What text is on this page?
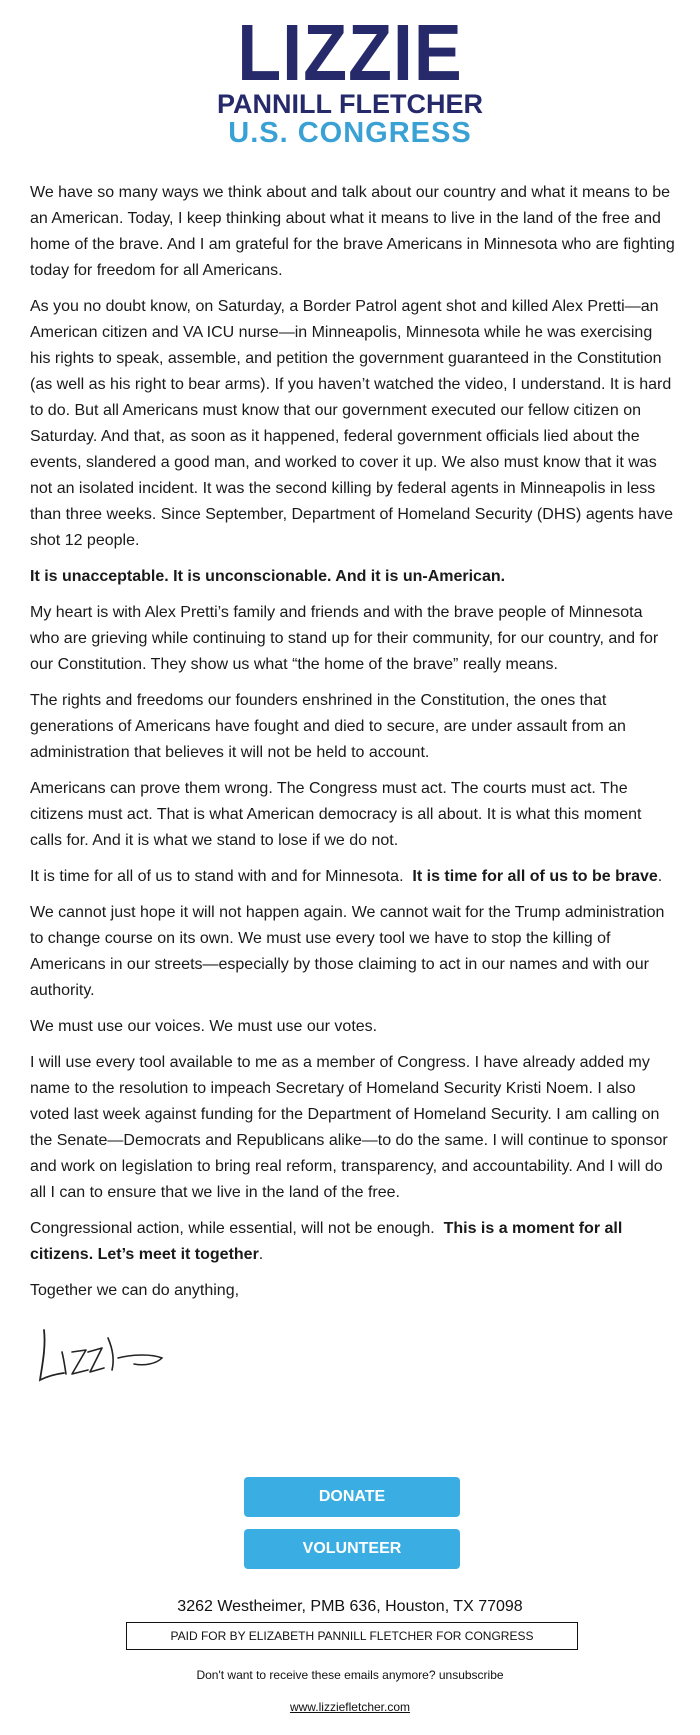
LIZZIE
PANNILL FLETCHER
U.S. CONGRESS

We have so many ways we think about and talk about our country and what it means to be an American. Today, I keep thinking about what it means to live in the land of the free and home of the brave. And I am grateful for the brave Americans in Minnesota who are fighting today for freedom for all Americans.

As you no doubt know, on Saturday, a Border Patrol agent shot and killed Alex Pretti—an American citizen and VA ICU nurse—in Minneapolis, Minnesota while he was exercising his rights to speak, assemble, and petition the government guaranteed in the Constitution (as well as his right to bear arms). If you haven’t watched the video, I understand. It is hard to do. But all Americans must know that our government executed our fellow citizen on Saturday. And that, as soon as it happened, federal government officials lied about the events, slandered a good man, and worked to cover it up. We also must know that it was not an isolated incident. It was the second killing by federal agents in Minneapolis in less than three weeks. Since September, Department of Homeland Security (DHS) agents have shot 12 people.

It is unacceptable. It is unconscionable. And it is un-American.

My heart is with Alex Pretti’s family and friends and with the brave people of Minnesota who are grieving while continuing to stand up for their community, for our country, and for our Constitution. They show us what “the home of the brave” really means.

The rights and freedoms our founders enshrined in the Constitution, the ones that generations of Americans have fought and died to secure, are under assault from an administration that believes it will not be held to account.

Americans can prove them wrong. The Congress must act. The courts must act. The citizens must act. That is what American democracy is all about. It is what this moment calls for. And it is what we stand to lose if we do not.

It is time for all of us to stand with and for Minnesota.  It is time for all of us to be brave.

We cannot just hope it will not happen again. We cannot wait for the Trump administration to change course on its own. We must use every tool we have to stop the killing of Americans in our streets—especially by those claiming to act in our names and with our authority.

We must use our voices. We must use our votes.

I will use every tool available to me as a member of Congress. I have already added my name to the resolution to impeach Secretary of Homeland Security Kristi Noem. I also voted last week against funding for the Department of Homeland Security. I am calling on the Senate—Democrats and Republicans alike—to do the same. I will continue to sponsor and work on legislation to bring real reform, transparency, and accountability. And I will do all I can to ensure that we live in the land of the free.

Congressional action, while essential, will not be enough.  This is a moment for all citizens. Let’s meet it together.

Together we can do anything,

DONATE
VOLUNTEER
3262 Westheimer, PMB 636, Houston, TX 77098
PAID FOR BY ELIZABETH PANNILL FLETCHER FOR CONGRESS
Don't want to receive these emails anymore? unsubscribe
www.lizziefletcher.com
